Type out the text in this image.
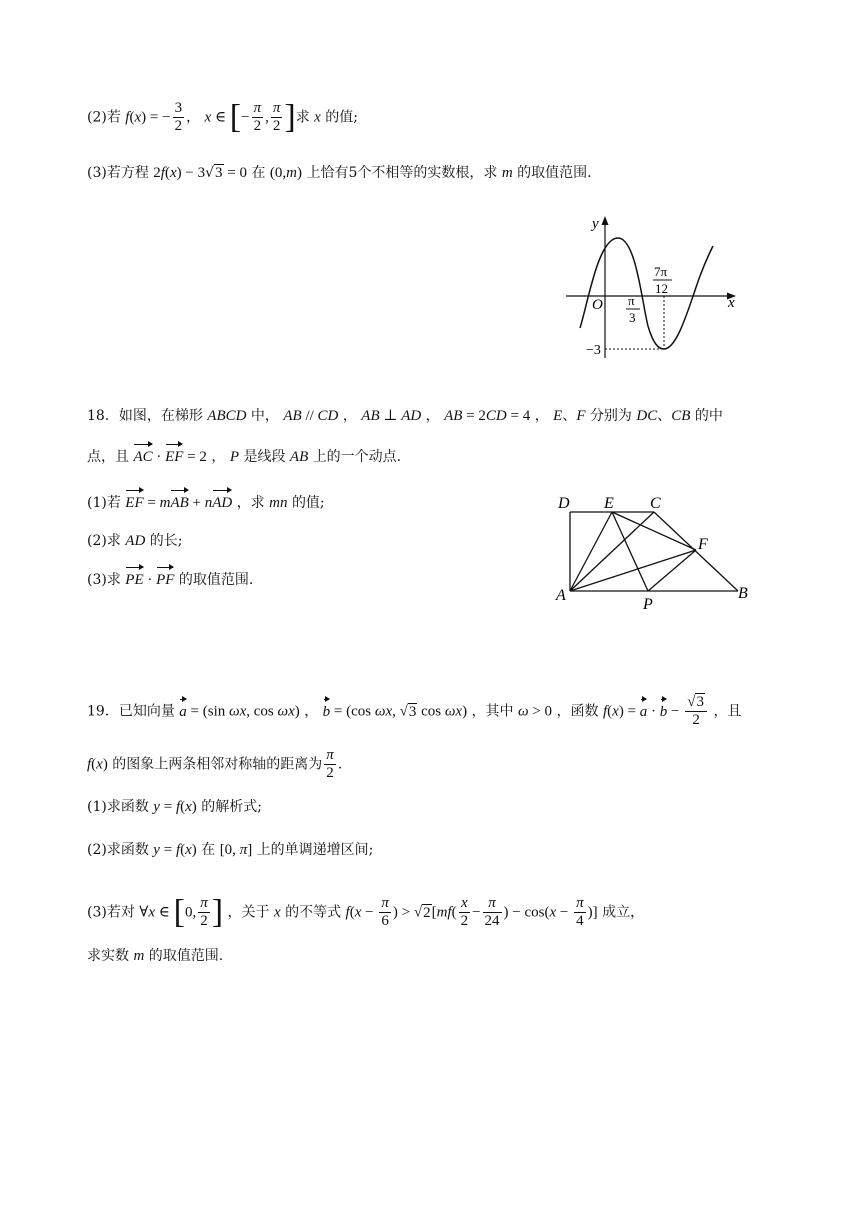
(2)若 f(x) = − $\frac{3}{2}$ ， x ∈ [− $\frac{\pi}{2}$ , $\frac{\pi}{2}$ ]求 x 的值;
(3)若方程 2f(x) − 3√3 = 0 在 (0,m) 上恰有5个不相等的实数根，求 m 的取值范围.
y
x
O π
3
7π
12
−3
18．如图，在梯形 ABCD 中， AB // CD ， AB ⊥ AD ， AB = 2CD = 4 ， E、F 分别为 DC、CB 的中
点，且 AC · EF = 2 ， P 是线段 AB 上的一个动点.
(1)若 EF = mAB + nAD ，求 mn 的值;
(2)求 AD 的长;
(3)求 PE · PF 的取值范围.
D E C
F
A
P
B
19．已知向量 a = (sin ωx, cos ωx) ， b = (cos ωx, √3 cos ωx) ，其中 ω > 0 ，函数 $f(x) = a \cdot b - \frac{√3}{2}$ ，且
f(x) 的图象上两条相邻对称轴的距离为 $\frac{\pi}{2}$ .
(1)求函数 y = f(x) 的解析式;
(2)求函数 y = f(x) 在 [0, π] 上的单调递增区间;
(3)若对 ∀x ∈ [0, $\frac{\pi}{2}$ ] ，关于 x 的不等式 $f(x - \frac{\pi}{6}$ ) > $√2[mf( \frac{x}{2} - \frac{\pi}{24}$ ) − $\cos(x - \frac{\pi}{4}$ )] 成立，
求实数 m 的取值范围.
